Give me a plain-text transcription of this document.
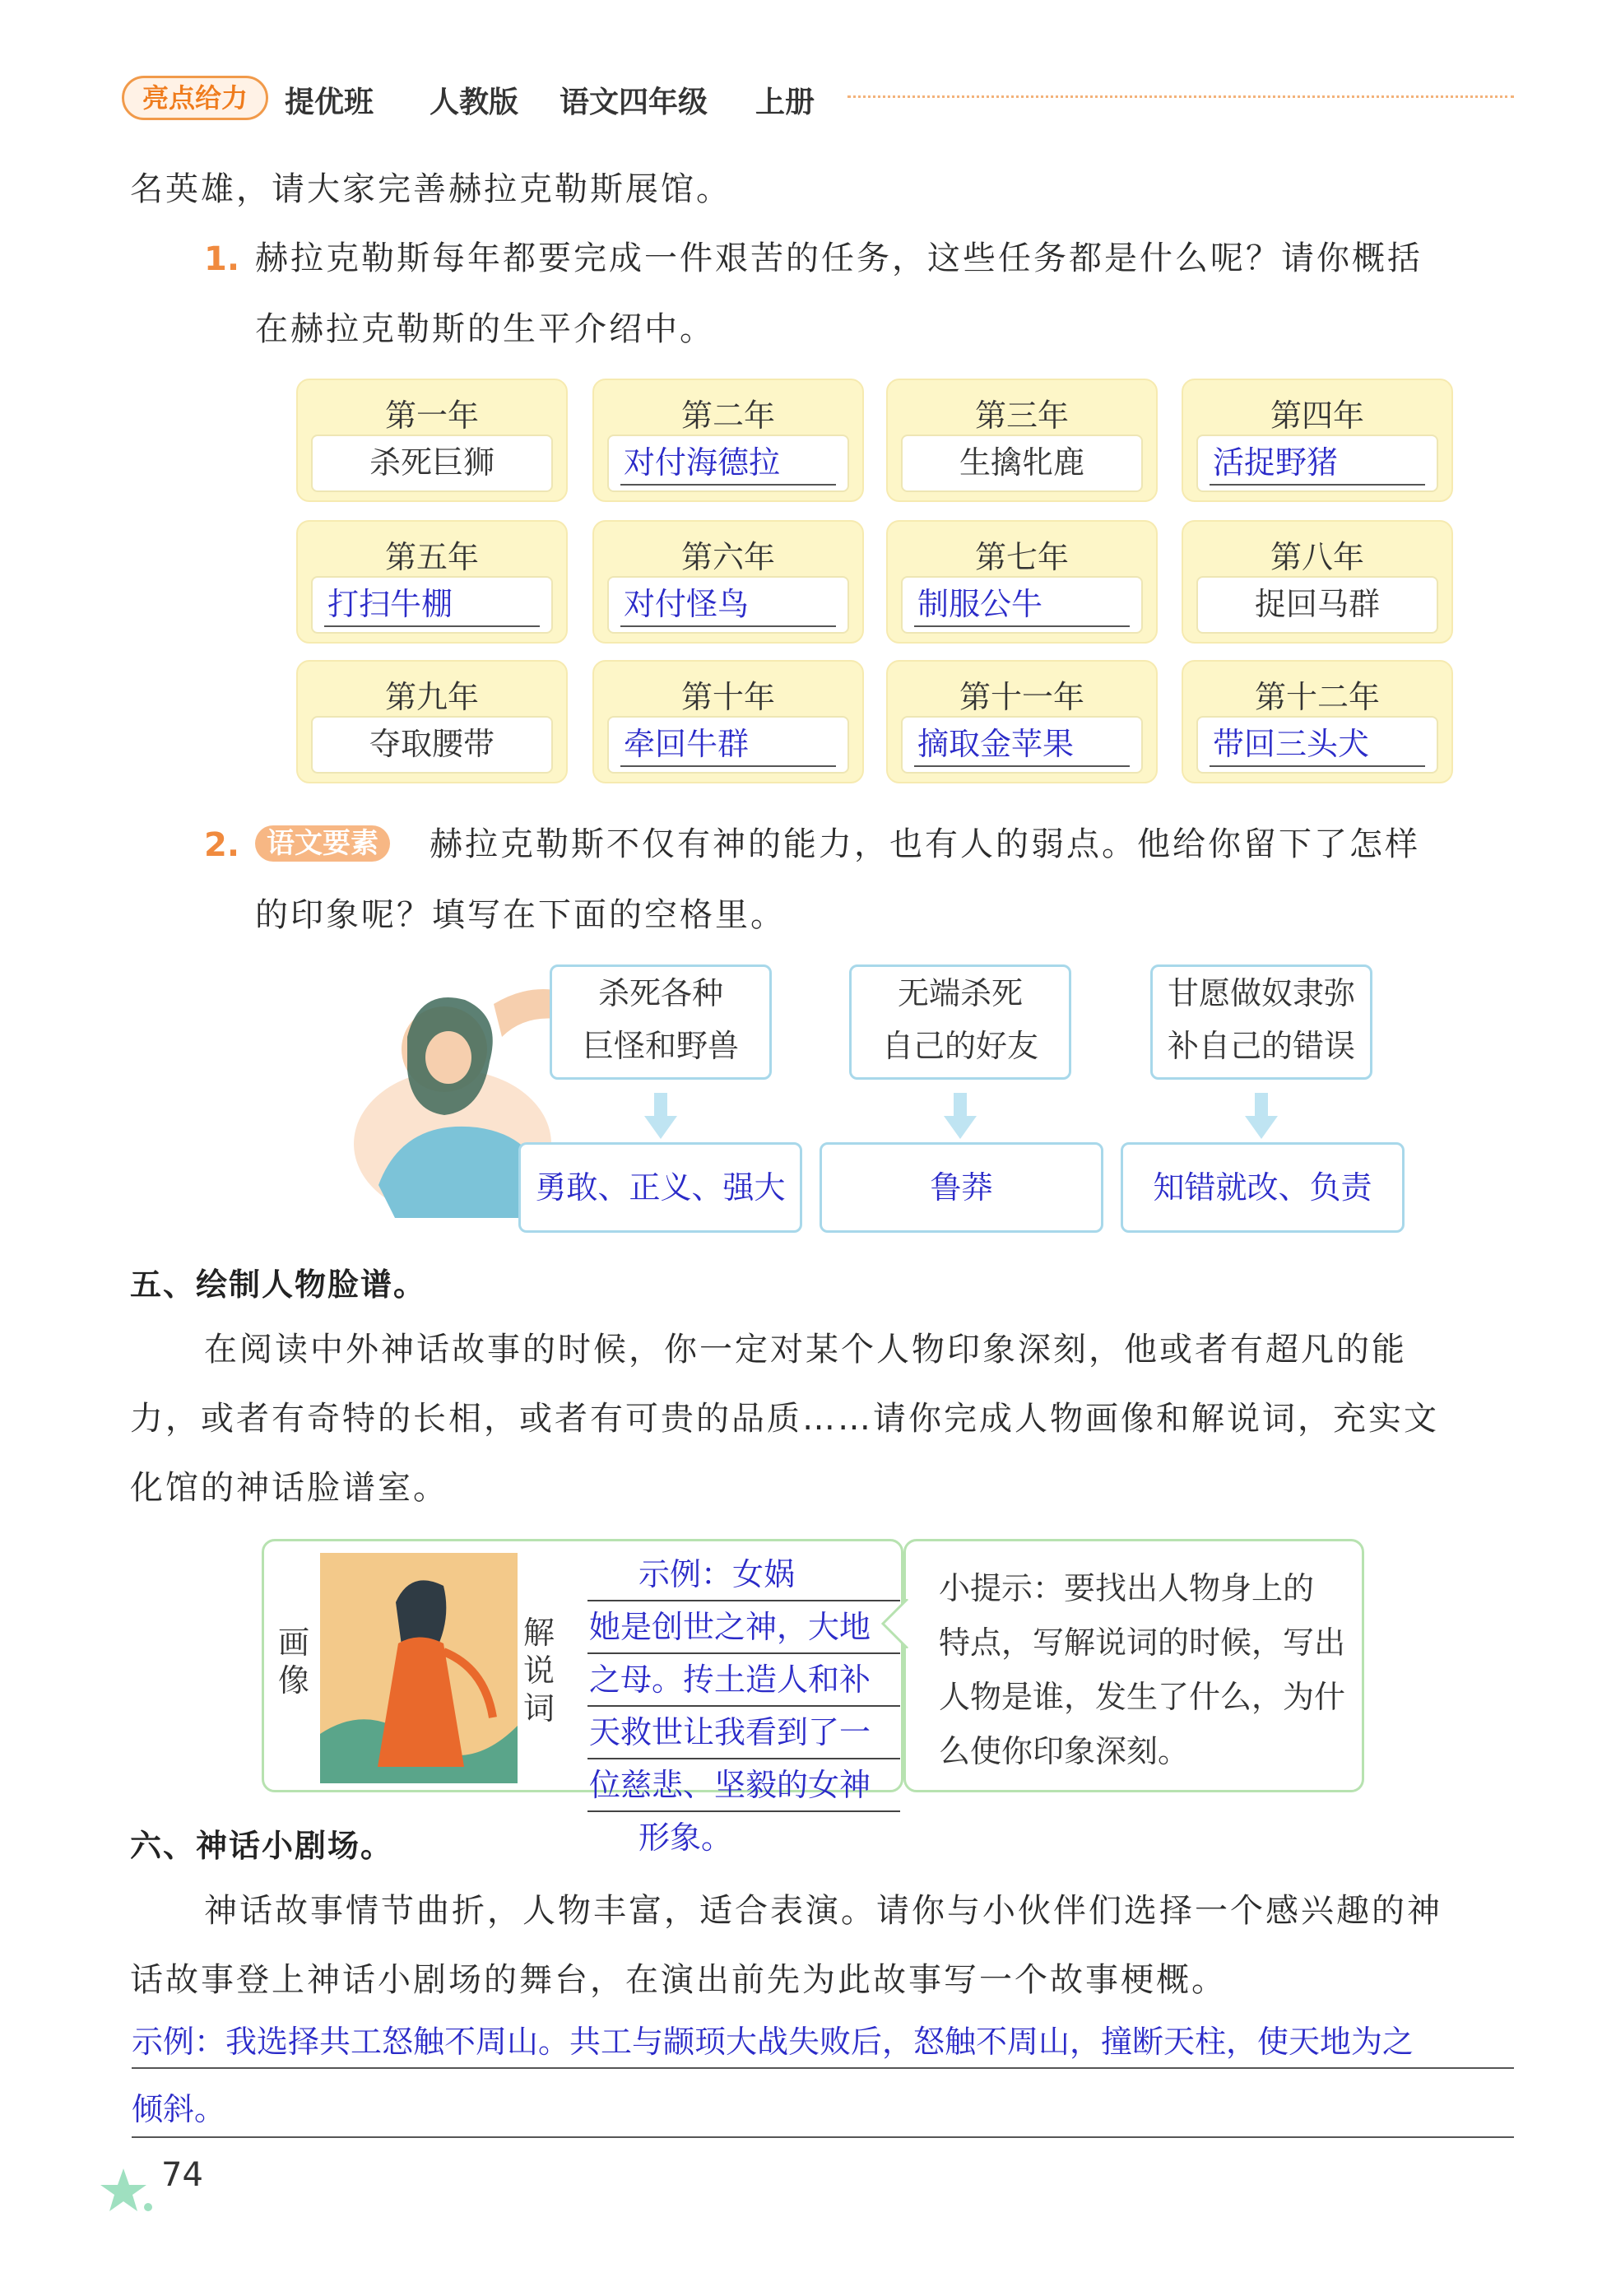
亮点给力	提优班 人教版 语文四年级 上册
名英雄，请大家完善赫拉克勒斯展馆。
1. 赫拉克勒斯每年都要完成一件艰苦的任务，这些任务都是什么呢？请你概括
在赫拉克勒斯的生平介绍中。
第一年
杀死巨狮
第二年
对付海德拉
第三年
生擒牝鹿
第四年
活捉野猪
第五年
打扫牛棚
第六年
对付怪鸟
第七年
制服公牛
第八年
捉回马群
第九年
夺取腰带
第十年
牵回牛群
第十一年
摘取金苹果
第十二年
带回三头犬
2. 语文要素	赫拉克勒斯不仅有神的能力，也有人的弱点。他给你留下了怎样
的印象呢？填写在下面的空格里。
杀死各种
巨怪和野兽
勇敢、正义、强大
无端杀死
自己的好友
鲁莽
甘愿做奴隶弥
补自己的错误
知错就改、负责
五、绘制人物脸谱。
在阅读中外神话故事的时候，你一定对某个人物印象深刻，他或者有超凡的能
力，或者有奇特的长相，或者有可贵的品质……请你完成人物画像和解说词，充实文
化馆的神话脸谱室。
画像
解说词
示例：女娲
她是创世之神，大地
之母。抟土造人和补
天救世让我看到了一
位慈悲、坚毅的女神
形象。
小提示：要找出人物身上的
特点，写解说词的时候，写出
人物是谁，发生了什么，为什
么使你印象深刻。
六、神话小剧场。
神话故事情节曲折，人物丰富，适合表演。请你与小伙伴们选择一个感兴趣的神
话故事登上神话小剧场的舞台，在演出前先为此故事写一个故事梗概。
示例：我选择共工怒触不周山。共工与颛顼大战失败后，怒触不周山，撞断天柱，使天地为之
倾斜。
74
